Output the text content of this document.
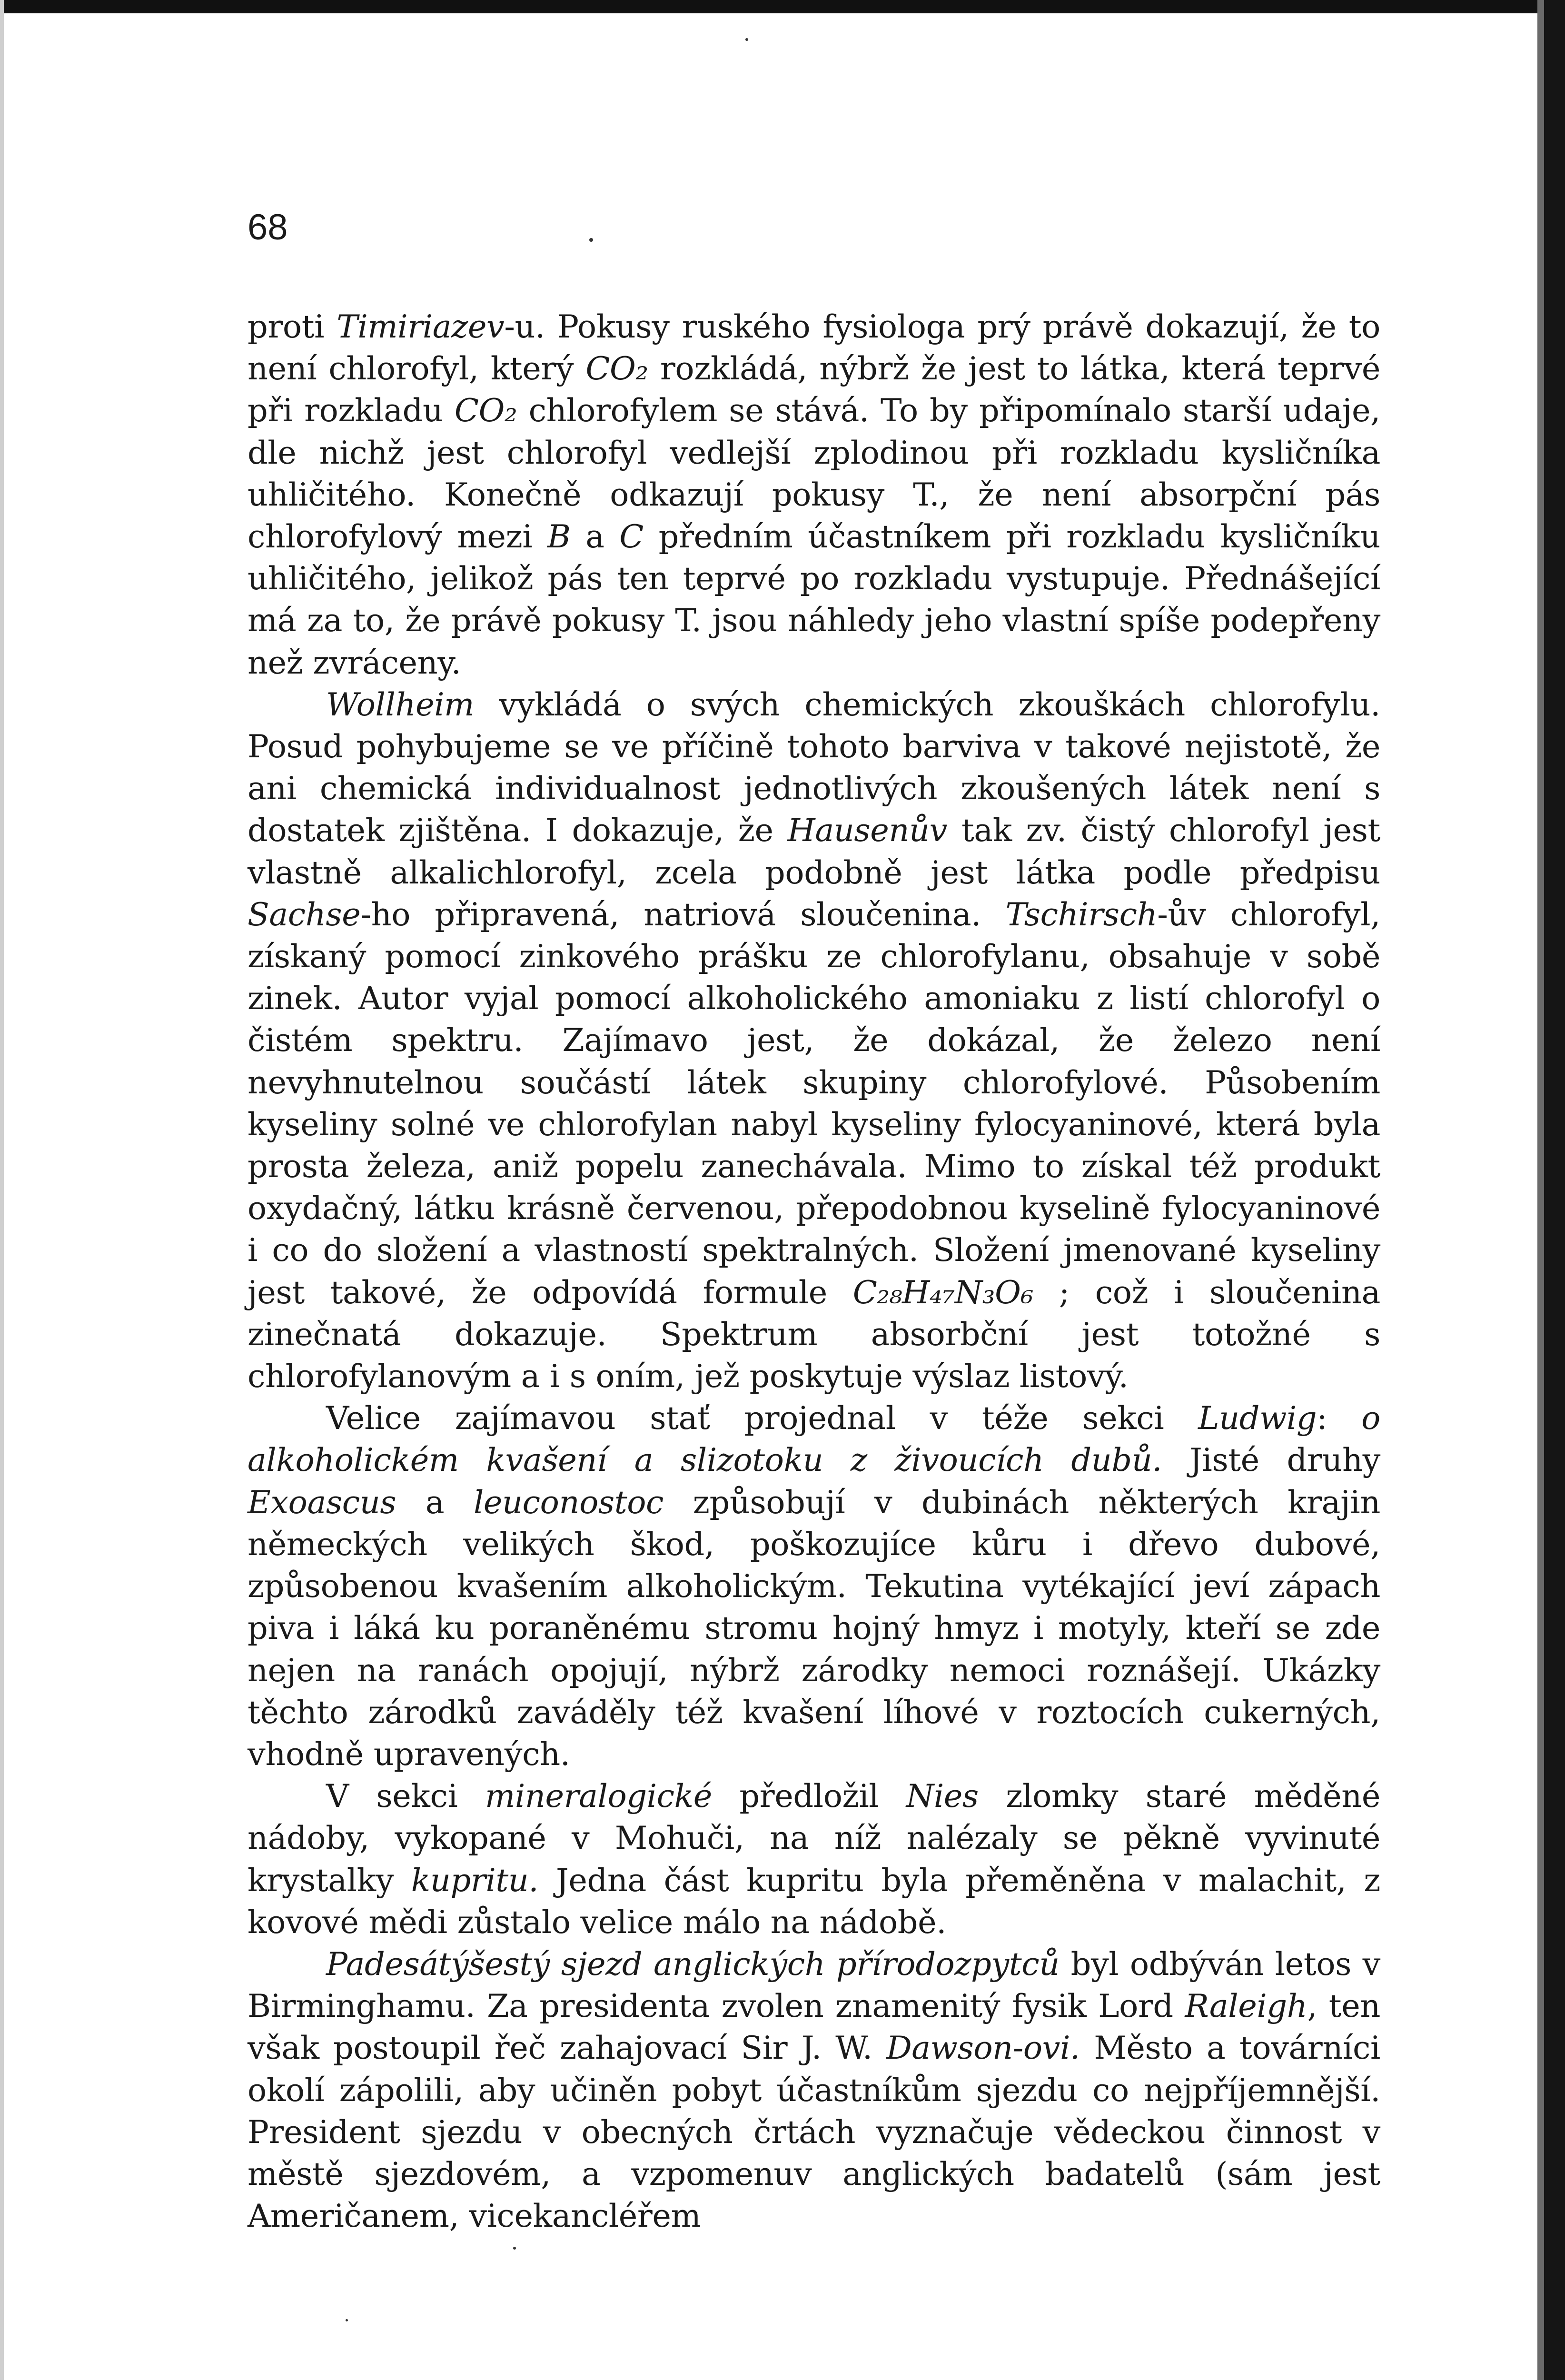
68

proti Timiriazev-u. Pokusy ruského fysiologa prý právě dokazují, že to není chlorofyl, který CO₂ rozkládá, nýbrž že jest to látka, která teprvé při rozkladu CO₂ chlorofylem se stává. To by připomínalo starší udaje, dle nichž jest chlorofyl vedlejší zplodinou při rozkladu kysličníka uhličitého. Konečně odkazují pokusy T., že není absorpční pás chlorofylový mezi B a C předním účastníkem při rozkladu kysličníku uhličitého, jelikož pás ten teprvé po rozkladu vystupuje. Přednášející má za to, že právě pokusy T. jsou náhledy jeho vlastní spíše podepřeny než zvráceny.

Wollheim vykládá o svých chemických zkouškách chlorofylu. Posud pohybujeme se ve příčině tohoto barviva v takové nejistotě, že ani chemická individualnost jednotlivých zkoušených látek není s dostatek zjištěna. I dokazuje, že Hausenův tak zv. čistý chlorofyl jest vlastně alkalichlorofyl, zcela podobně jest látka podle předpisu Sachse-ho připravená, natriová sloučenina. Tschirsch-ův chlorofyl, získaný pomocí zinkového prášku ze chlorofylanu, obsahuje v sobě zinek. Autor vyjal pomocí alkoholického amoniaku z listí chlorofyl o čistém spektru. Zajímavo jest, že dokázal, že železo není nevyhnutelnou součástí látek skupiny chlorofylové. Působením kyseliny solné ve chlorofylan nabyl kyseliny fylocyaninové, která byla prosta železa, aniž popelu zanechávala. Mimo to získal též produkt oxydačný, látku krásně červenou, přepodobnou kyselině fylocyaninové i co do složení a vlastností spektralných. Složení jmenované kyseliny jest takové, že odpovídá formule C₂₈H₄₇N₃O₆ ; což i sloučenina zinečnatá dokazuje. Spektrum absorbční jest totožné s chlorofylanovým a i s oním, jež poskytuje výslaz listový.

Velice zajímavou stať projednal v téže sekci Ludwig: o alkoholickém kvašení a slizotoku z živoucích dubů. Jisté druhy Exoascus a leuconostoc způsobují v dubinách některých krajin německých velikých škod, poškozujíce kůru i dřevo dubové, způsobenou kvašením alkoholickým. Tekutina vytékající jeví zápach piva i láká ku poraněnému stromu hojný hmyz i motyly, kteří se zde nejen na ranách opojují, nýbrž zárodky nemoci roznášejí. Ukázky těchto zárodků zaváděly též kvašení líhové v roztocích cukerných, vhodně upravených.

V sekci mineralogické předložil Nies zlomky staré měděné nádoby, vykopané v Mohuči, na níž nalézaly se pěkně vyvinuté krystalky kupritu. Jedna část kupritu byla přeměněna v malachit, z kovové mědi zůstalo velice málo na nádobě.

Padesátýšestý sjezd anglických přírodozpytců byl odbýván letos v Birminghamu. Za presidenta zvolen znamenitý fysik Lord Raleigh, ten však postoupil řeč zahajovací Sir J. W. Dawson-ovi. Město a továrníci okolí zápolili, aby učiněn pobyt účastníkům sjezdu co nejpříjemnější. President sjezdu v obecných črtách vyznačuje vědeckou činnost v městě sjezdovém, a vzpomenuv anglických badatelů (sám jest Američanem, vicekancléřem
